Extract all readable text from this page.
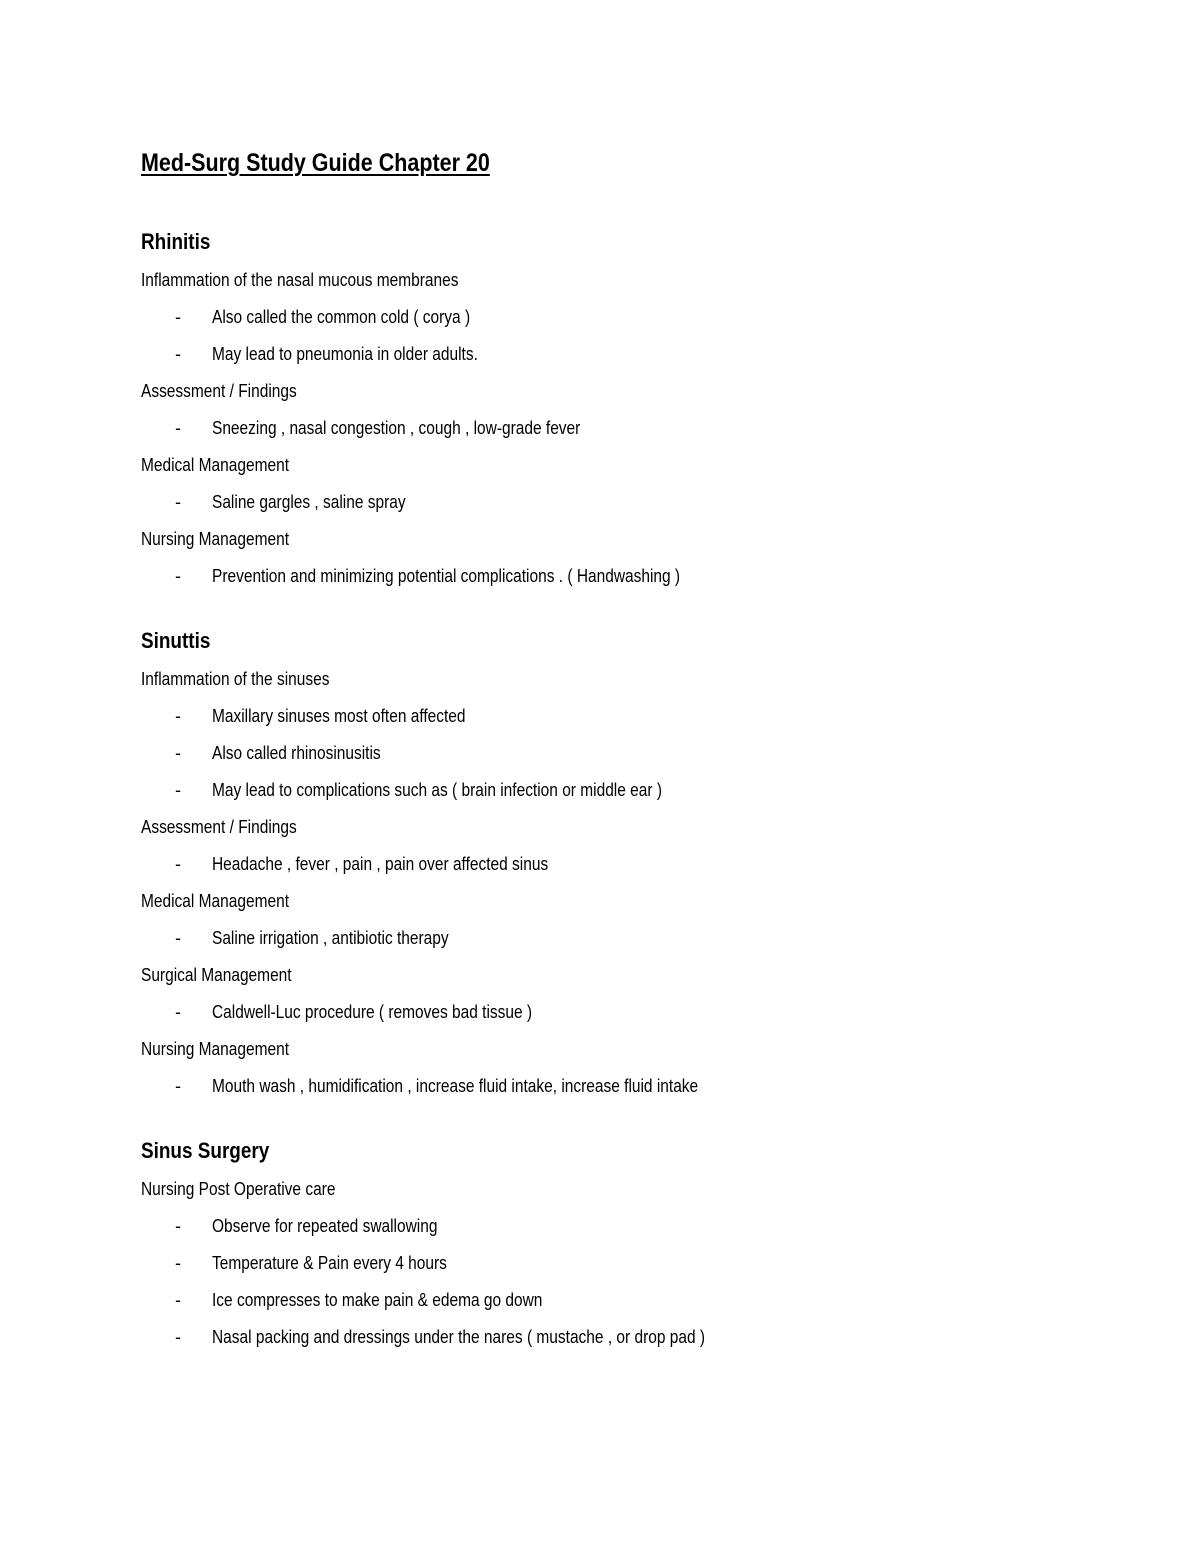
Med-Surg Study Guide Chapter 20
Rhinitis
Inflammation of the nasal mucous membranes
-	Also called the common cold ( corya )
-	May lead to pneumonia in older adults.
Assessment / Findings
-	Sneezing , nasal congestion , cough , low-grade fever
Medical Management
-	Saline gargles , saline spray
Nursing Management
-	Prevention and minimizing potential complications . ( Handwashing )
Sinuttis
Inflammation of the sinuses
-	Maxillary sinuses most often affected
-	Also called rhinosinusitis
-	May lead to complications such as ( brain infection or middle ear )
Assessment / Findings
-	Headache , fever , pain , pain over affected sinus
Medical Management
-	Saline irrigation , antibiotic therapy
Surgical Management
-	Caldwell-Luc procedure ( removes bad tissue )
Nursing Management
-	Mouth wash , humidification , increase fluid intake, increase fluid intake
Sinus Surgery
Nursing Post Operative care
-	Observe for repeated swallowing
-	Temperature & Pain every 4 hours
-	Ice compresses to make pain & edema go down
-	Nasal packing and dressings under the nares ( mustache , or drop pad )
